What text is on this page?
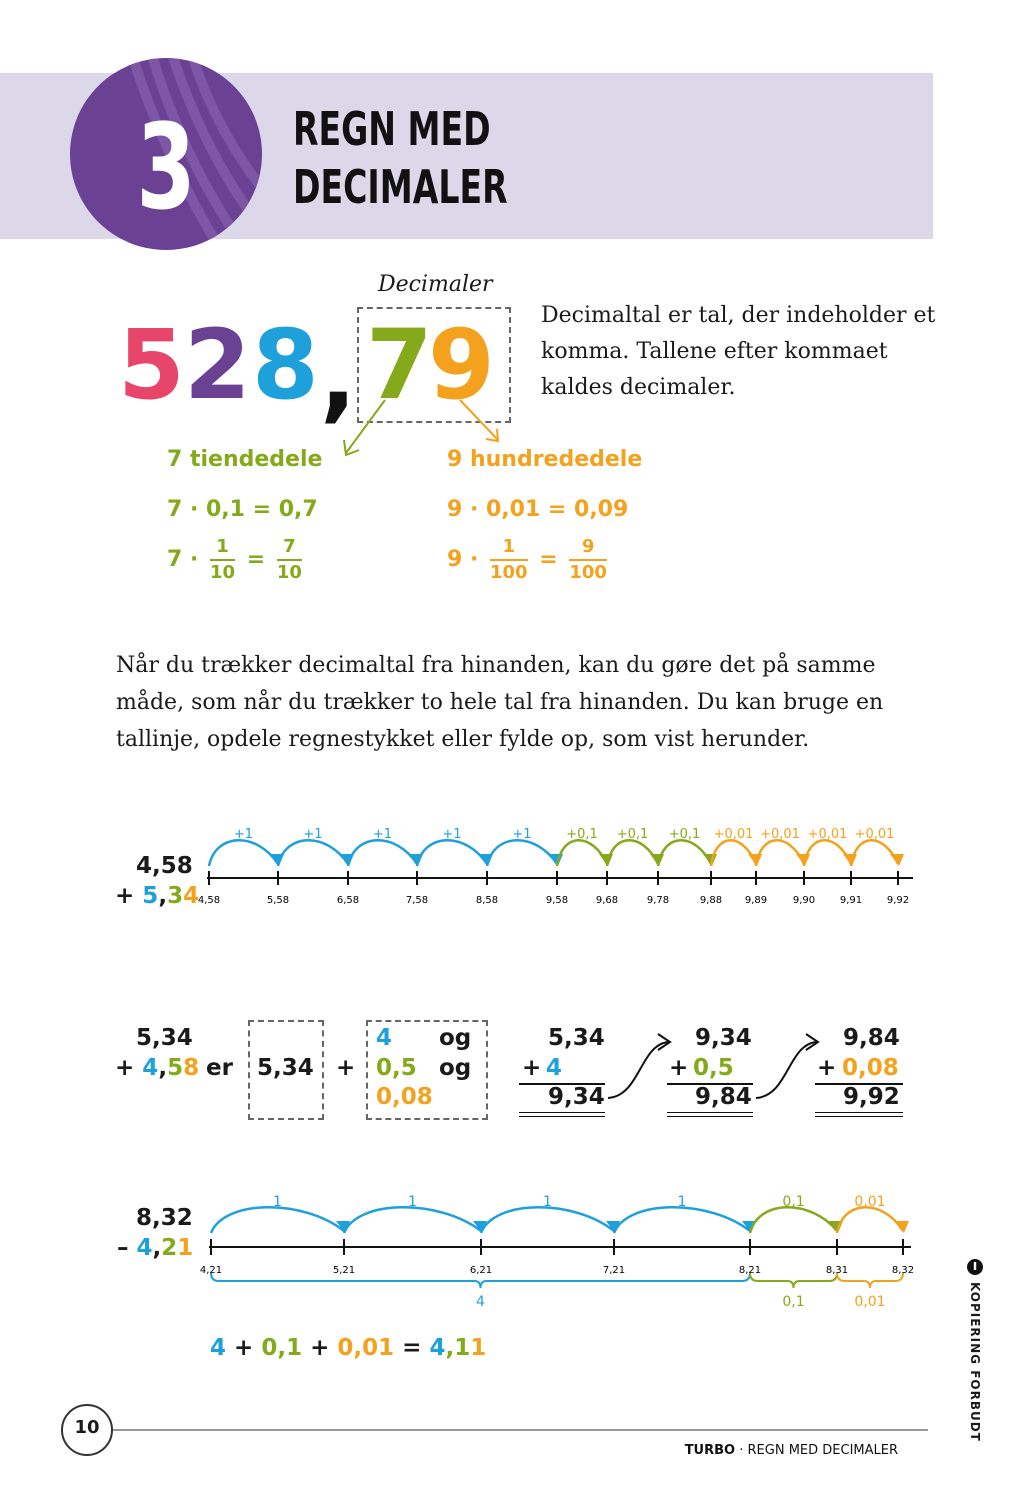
3 REGN MED
DECIMALER
Decimaler
5 2 8 , 7
9 Decimaltal er tal, der indeholder et komma. Tallene efter kommaet kaldes decimaler.
7 tiendedele
7 · 0,1 = 0,7
$7 \cdot \frac{1}{10} = \frac{7}{10}$
9 hundrededele
9 · 0,01 = 0,09
$9 \cdot \frac{1}{100} = \frac{9}{100}$
Når du trækker decimaltal fra hinanden, kan du gøre det på samme måde, som når du trækker to hele tal fra hinanden. Du kan bruge en tallinje, opdele regnestykket eller fylde op, som vist herunder.
4,58
+ 5,34
4,58	5,58	6,58	7,58	8,58	9,58	9,68	9,78	9,88 9,89	9,90 9,91 9,92
+1	+1	+1	+1	+1	+0,1 +0,1 +0,1 +0,01 +0,01 +0,01 +0,01
5,34
+ 4,58 er 5,34 +
4
0,5
0,08
og
og
5,34
+ 4
9,34
9,34
+ 0,5
9,84
9,84
+ 0,08
9,92
8,32
– 4,21
4,21	5,21	6,21	7,21	8,21	8,31	8,32
1	1	1	1	0,1	0,01
4	0,1	0,01
4 + 0,1 + 0,01 = 4,11
10
TURBO · REGN MED DECIMALER
KOPIERING FORBUDT
